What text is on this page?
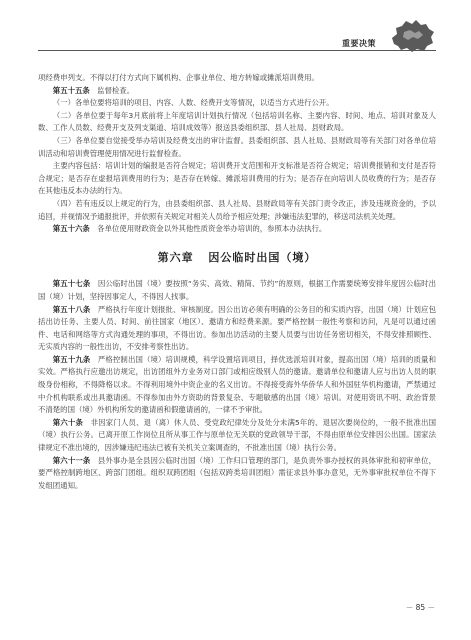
重要决策

项经费申列支。不得以打付方式向下属机构、企事业单位、地方转嫁或摊派培训费用。

第五十五条　 监督检查。

（一）各单位要将培训的项目、内容、人数、经费开支等情况，以适当方式进行公开。

（二）各单位要于每年3月底前将上年度培训计划执行情况（包括培训名称、主要内容、时间、地点、培训对象及人数、工作人员数、经费开支及列支渠道、培训成效等）报送县委组织部、县人社局、县财政局。

（三）各单位要自觉接受举办培训及经费支出的审计监督。县委组织部、县人社局、县财政局等有关部门对各单位培训活动和培训费管理使用情况进行监督检查。

主要内容包括：培训计划的编报是否符合规定；培训费开支范围和开支标准是否符合规定；培训费报销和支付是否符合规定；是否存在虚报培训费用的行为；是否存在转嫁、摊派培训费用的行为；是否存在向培训人员收费的行为；是否存在其他违反本办法的行为。

（四）若有违反以上规定的行为，由县委组织部、县人社局、县财政局等有关部门责令改正，涉及违规资金的，予以追回，并视情况予通报批评，并依照有关规定对相关人员给予相应处理；涉嫌违法犯罪的，移送司法机关处理。

第五十六条　 各单位使用财政资金以外其他性质资金举办培训的，参照本办法执行。

第六章 因公临时出国（境）

第五十七条　 因公临时出国（境）要按照“务实、高效、精简、节约”的原则，根据工作需要统筹安排年度因公临时出国（境）计划，坚持因事定人，不得因人找事。

第五十八条　 严格执行年度计划报批、审核制度。因公出访必须有明确的公务目的和实质内容，出国（境）计划应包括出访任务、主要人员、时间、前往国家（地区）、邀请方和经费来源。要严格控制一般性考察和访问，凡是可以通过函件、电话和网络等方式沟通处理的事项，不得出访。参加出访活动的主要人员要与出访任务密切相关，不得安排照顾性、无实质内容的一般性出访，不安排考察性出访。

第五十九条　 严格控制出国（境）培训规模，科学设置培训项目，择优选派培训对象，提高出国（境）培训的质量和实效。严格执行应邀出访规定，出访团组外方业务对口部门或相应级别人员的邀请。邀请单位和邀请人应与出访人员的职级身份相称，不得降格以求。不得利用境外中资企业的名义出访。不得接受海外华侨华人和外国驻华机构邀请，严禁通过中介机构联系或出具邀请函。不得参加由外方资助的背景复杂、专题敏感的出国（境）培训。对使用资讯不明、政治背景不清楚的国（境）外机构所发的邀请函和假邀请函的，一律不予审批。

第六十条　 非因家门人员、退（离）休人员、受党政纪律处分及处分未满5年的、退居次要岗位的，一般不批准出国（境）执行公务。已离开原工作岗位且所从事工作与原单位无关联的党政领导干部，不得由原单位安排因公出国。国家法律规定不准出境的，因涉嫌违纪违法已被有关机关立案调查的，不批准出国（境）执行公务。

第六十一条　 县外事办是全县因公临时出国（境）工作归口管理的部门，是负责外事办授权的具体审批和初审单位，要严格控制跨地区、跨部门团组。组织双跨团组（包括双跨类培训团组）需征求县外事办意见，无外事审批权单位不得下发组团通知。

－ 85 －
